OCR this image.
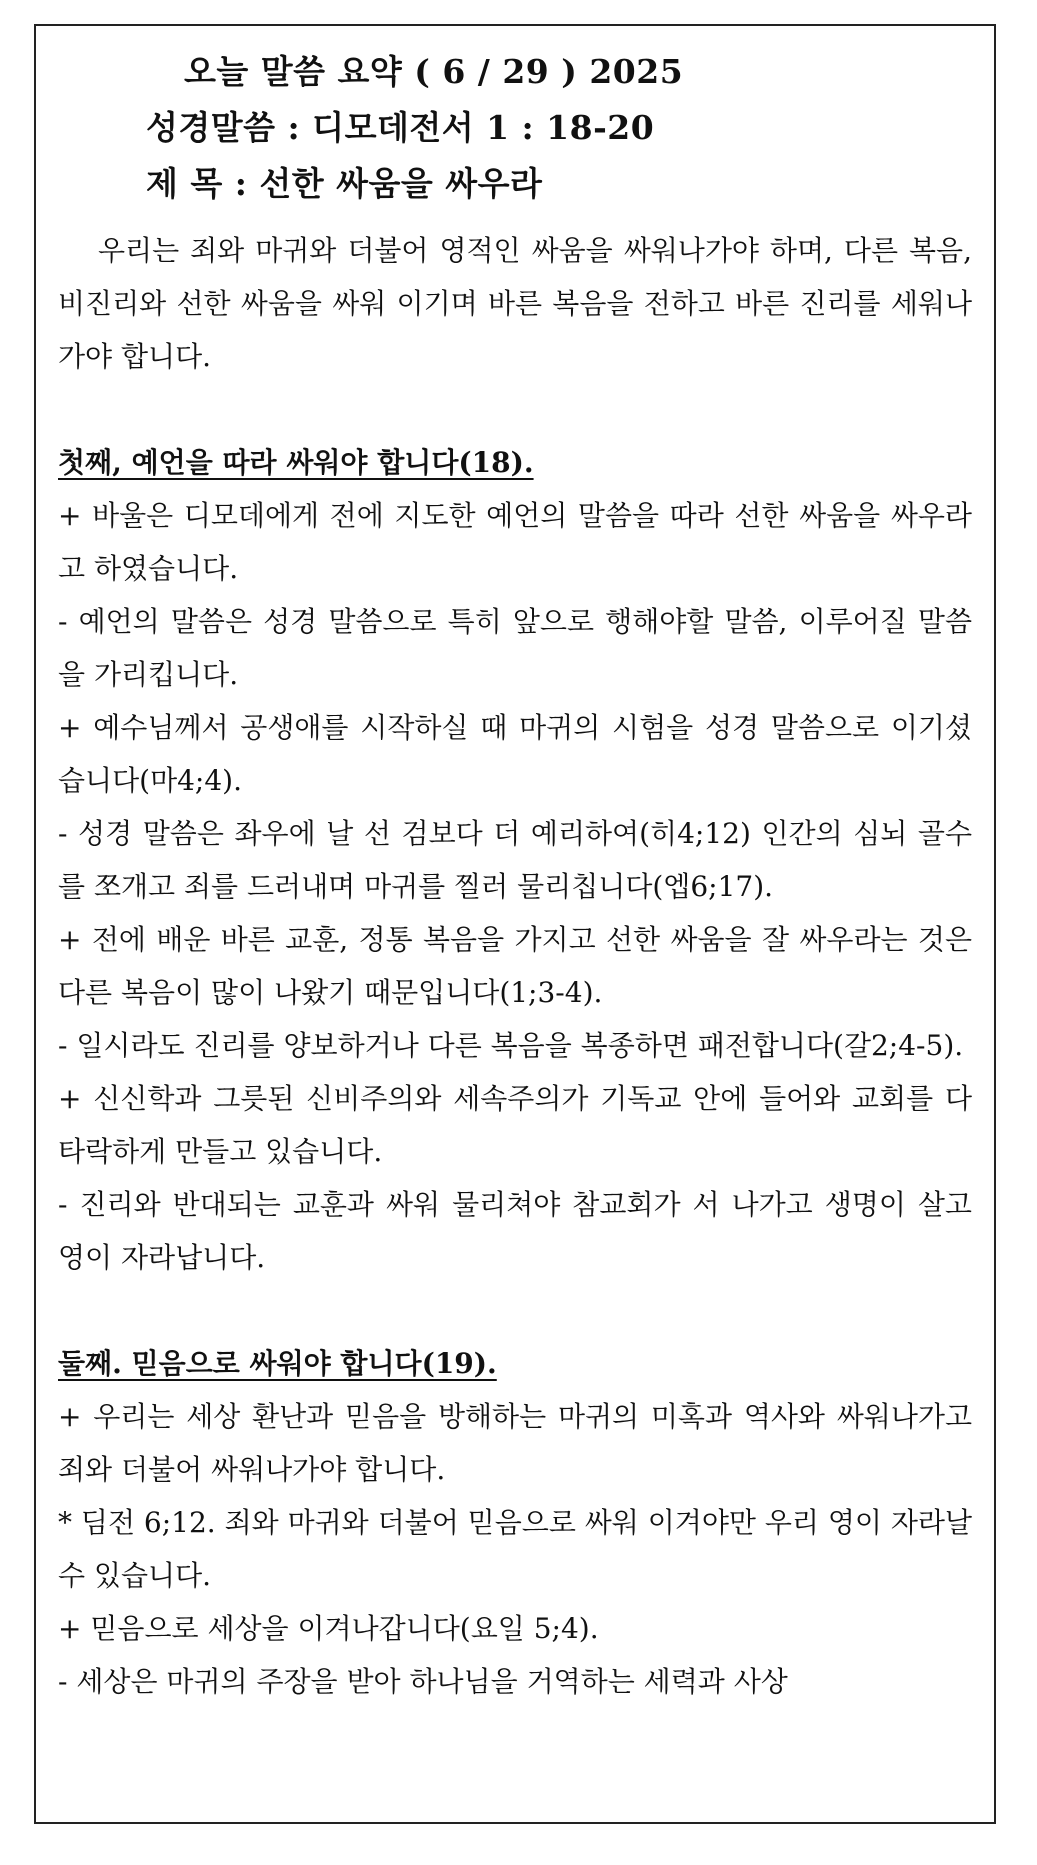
오늘 말씀 요약 ( 6 / 29 ) 2025
성경말씀 : 디모데전서 1 : 18-20
제 목 : 선한 싸움을 싸우라

우리는 죄와 마귀와 더불어 영적인 싸움을 싸워나가야 하며, 다른 복음, 비진리와 선한 싸움을 싸워 이기며 바른 복음을 전하고 바른 진리를 세워나가야 합니다.

첫째, 예언을 따라 싸워야 합니다(18).

+ 바울은 디모데에게 전에 지도한 예언의 말씀을 따라 선한 싸움을 싸우라고 하였습니다.

- 예언의 말씀은 성경 말씀으로 특히 앞으로 행해야할 말씀, 이루어질 말씀을 가리킵니다.

+ 예수님께서 공생애를 시작하실 때 마귀의 시험을 성경 말씀으로 이기셨습니다(마4;4).

- 성경 말씀은 좌우에 날 선 검보다 더 예리하여(히4;12) 인간의 심뇌 골수를 쪼개고 죄를 드러내며 마귀를 찔러 물리칩니다(엡6;17).

+ 전에 배운 바른 교훈, 정통 복음을 가지고 선한 싸움을 잘 싸우라는 것은 다른 복음이 많이 나왔기 때문입니다(1;3-4).

- 일시라도 진리를 양보하거나 다른 복음을 복종하면 패전합니다(갈2;4-5).

+ 신신학과 그릇된 신비주의와 세속주의가 기독교 안에 들어와 교회를 다 타락하게 만들고 있습니다.

- 진리와 반대되는 교훈과 싸워 물리쳐야 참교회가 서 나가고 생명이 살고 영이 자라납니다.

둘째. 믿음으로 싸워야 합니다(19).

+ 우리는 세상 환난과 믿음을 방해하는 마귀의 미혹과 역사와 싸워나가고 죄와 더불어 싸워나가야 합니다.

* 딤전 6;12. 죄와 마귀와 더불어 믿음으로 싸워 이겨야만 우리 영이 자라날 수 있습니다.

+ 믿음으로 세상을 이겨나갑니다(요일 5;4).

- 세상은 마귀의 주장을 받아 하나님을 거역하는 세력과 사상
